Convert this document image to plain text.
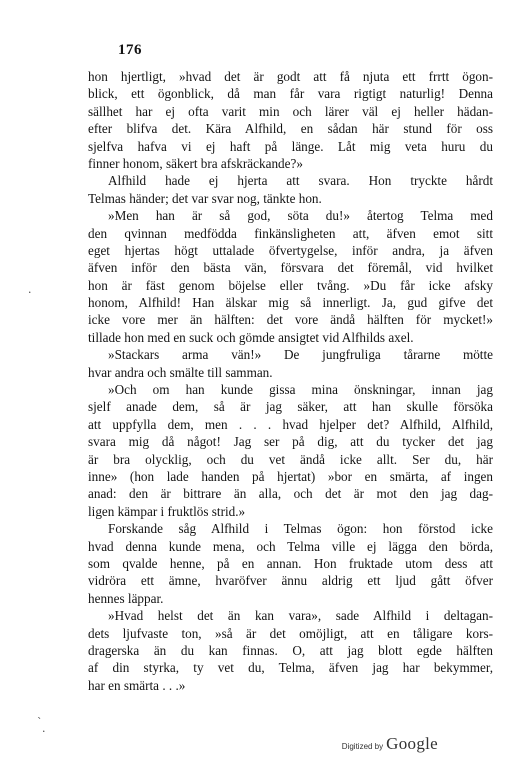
176
hon hjertligt, »hvad det är godt att få njuta ett frrtt ögon-
blick, ett ögonblick, då man får vara rigtigt naturlig! Denna
sällhet har ej ofta varit min och lärer väl ej heller hädan-
efter blifva det. Kära Alfhild, en sådan här stund för oss
sjelfva hafva vi ej haft på länge. Låt mig veta huru du
finner honom, säkert bra afskräckande?»
Alfhild hade ej hjerta att svara. Hon tryckte hårdt
Telmas händer; det var svar nog, tänkte hon.
»Men han är så god, söta du!» återtog Telma med
den qvinnan medfödda finkänsligheten att, äfven emot sitt
eget hjertas högt uttalade öfvertygelse, inför andra, ja äfven
äfven inför den bästa vän, försvara det föremål, vid hvilket
hon är fäst genom böjelse eller tvång. »Du får icke afsky
honom, Alfhild! Han älskar mig så innerligt. Ja, gud gifve det
icke vore mer än hälften: det vore ändå hälften för mycket!»
tillade hon med en suck och gömde ansigtet vid Alfhilds axel.
»Stackars arma vän!» De jungfruliga tårarne mötte
hvar andra och smälte till samman.
»Och om han kunde gissa mina önskningar, innan jag
sjelf anade dem, så är jag säker, att han skulle försöka
att uppfylla dem, men . . . hvad hjelper det? Alfhild, Alfhild,
svara mig då något! Jag ser på dig, att du tycker det jag
är bra olycklig, och du vet ändå icke allt. Ser du, här
inne» (hon lade handen på hjertat) »bor en smärta, af ingen
anad: den är bittrare än alla, och det är mot den jag dag-
ligen kämpar i fruktlös strid.»
Forskande såg Alfhild i Telmas ögon: hon förstod icke
hvad denna kunde mena, och Telma ville ej lägga den börda,
som qvalde henne, på en annan. Hon fruktade utom dess att
vidröra ett ämne, hvaröfver ännu aldrig ett ljud gått öfver
hennes läppar.
»Hvad helst det än kan vara», sade Alfhild i deltagan-
dets ljufvaste ton, »så är det omöjligt, att en tåligare kors-
dragerska än du kan finnas. O, att jag blott egde hälften
af din styrka, ty vet du, Telma, äfven jag har bekymmer,
har en smärta . . .»
·
` .
Digitized by Google
